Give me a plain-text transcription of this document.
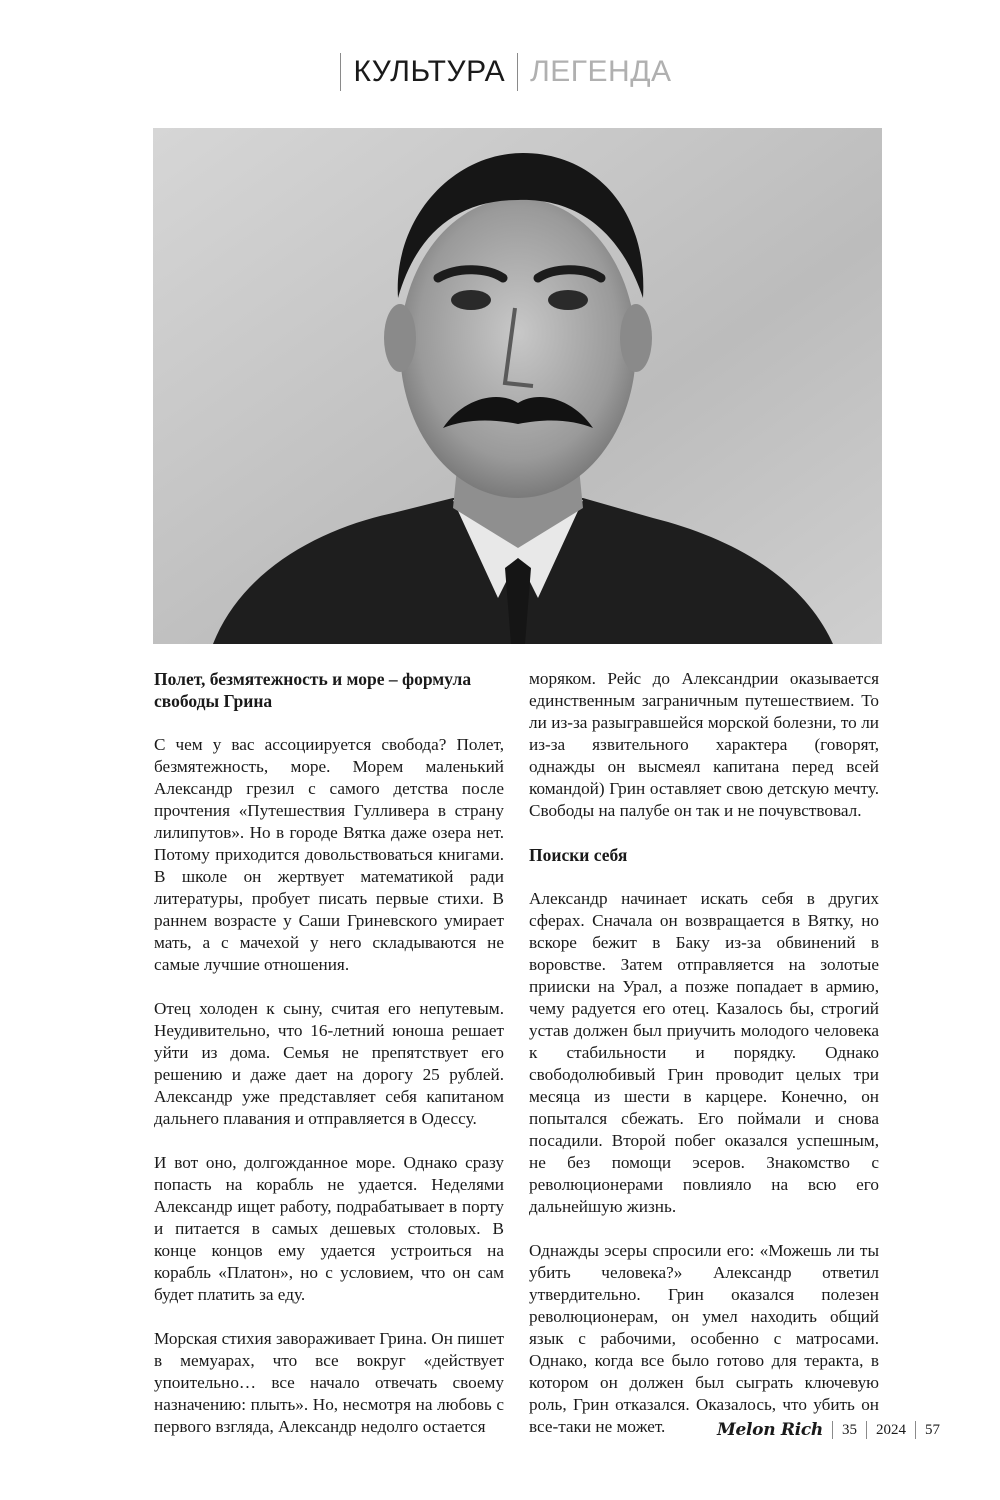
КУЛЬТУРА ЛЕГЕНДА
Полет, безмятежность и море – формула свободы Грина

С чем у вас ассоциируется свобода? Полет, безмятежность, море. Морем маленький Александр грезил с самого детства после прочтения «Путешествия Гулливера в страну лилипутов». Но в городе Вятка даже озера нет. Потому приходится довольствоваться книгами. В школе он жертвует математикой ради литературы, пробует писать первые стихи. В раннем возрасте у Саши Гриневского умирает мать, а с мачехой у него складываются не самые лучшие отношения.

Отец холоден к сыну, считая его непутевым. Неудивительно, что 16-летний юноша решает уйти из дома. Семья не препятствует его решению и даже дает на дорогу 25 рублей. Александр уже представляет себя капитаном дальнего плавания и отправляется в Одессу.

И вот оно, долгожданное море. Однако сразу попасть на корабль не удается. Неделями Александр ищет работу, подрабатывает в порту и питается в самых дешевых столовых. В конце концов ему удается устроиться на корабль «Платон», но с условием, что он сам будет платить за еду.

Морская стихия завораживает Грина. Он пишет в мемуарах, что все вокруг «действует упоительно… все начало отвечать своему назначению: плыть». Но, несмотря на любовь с первого взгляда, Александр недолго остается

моряком. Рейс до Александрии оказывается единственным заграничным путешествием. То ли из-за разыгравшейся морской болезни, то ли из-за язвительного характера (говорят, однажды он высмеял капитана перед всей командой) Грин оставляет свою детскую мечту. Свободы на палубе он так и не почувствовал.

Поиски себя

Александр начинает искать себя в других сферах. Сначала он возвращается в Вятку, но вскоре бежит в Баку из-за обвинений в воровстве. Затем отправляется на золотые прииски на Урал, а позже попадает в армию, чему радуется его отец. Казалось бы, строгий устав должен был приучить молодого человека к стабильности и порядку. Однако свободолюбивый Грин проводит целых три месяца из шести в карцере. Конечно, он попытался сбежать. Его поймали и снова посадили. Второй побег оказался успешным, не без помощи эсеров. Знакомство с революционерами повлияло на всю его дальнейшую жизнь.

Однажды эсеры спросили его: «Можешь ли ты убить человека?» Александр ответил утвердительно. Грин оказался полезен революционерам, он умел находить общий язык с рабочими, особенно с матросами. Однако, когда все было готово для теракта, в котором он должен был сыграть ключевую роль, Грин отказался. Оказалось, что убить он все-таки не может.	Melon Rich 35 2024 57
